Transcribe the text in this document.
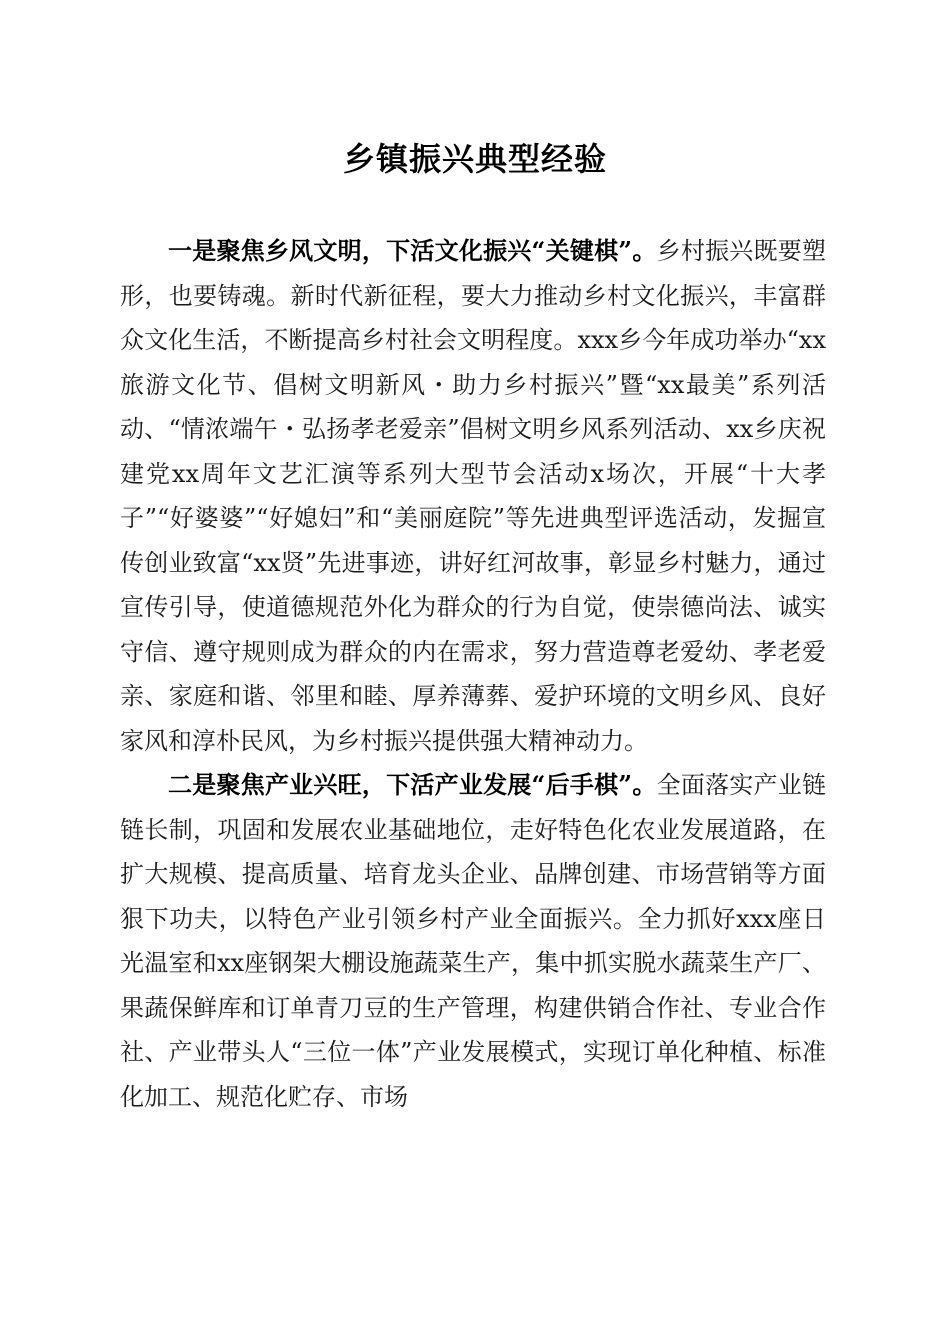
乡镇振兴典型经验

一是聚焦乡风文明，下活文化振兴“关键棋”。乡村振兴既要塑形，也要铸魂。新时代新征程，要大力推动乡村文化振兴，丰富群众文化生活，不断提高乡村社会文明程度。xxx乡今年成功举办“xx旅游文化节、倡树文明新风・助力乡村振兴”暨“xx最美”系列活动、“情浓端午・弘扬孝老爱亲”倡树文明乡风系列活动、xx乡庆祝建党xx周年文艺汇演等系列大型节会活动x场次，开展“十大孝子”“好婆婆”“好媳妇”和“美丽庭院”等先进典型评选活动，发掘宣传创业致富“xx贤”先进事迹，讲好红河故事，彰显乡村魅力，通过宣传引导，使道德规范外化为群众的行为自觉，使崇德尚法、诚实守信、遵守规则成为群众的内在需求，努力营造尊老爱幼、孝老爱亲、家庭和谐、邻里和睦、厚养薄葬、爱护环境的文明乡风、良好家风和淳朴民风，为乡村振兴提供强大精神动力。

二是聚焦产业兴旺，下活产业发展“后手棋”。全面落实产业链链长制，巩固和发展农业基础地位，走好特色化农业发展道路，在扩大规模、提高质量、培育龙头企业、品牌创建、市场营销等方面狠下功夫，以特色产业引领乡村产业全面振兴。全力抓好xxx座日光温室和xx座钢架大棚设施蔬菜生产，集中抓实脱水蔬菜生产厂、果蔬保鲜库和订单青刀豆的生产管理，构建供销合作社、专业合作社、产业带头人“三位一体”产业发展模式，实现订单化种植、标准化加工、规范化贮存、市场
